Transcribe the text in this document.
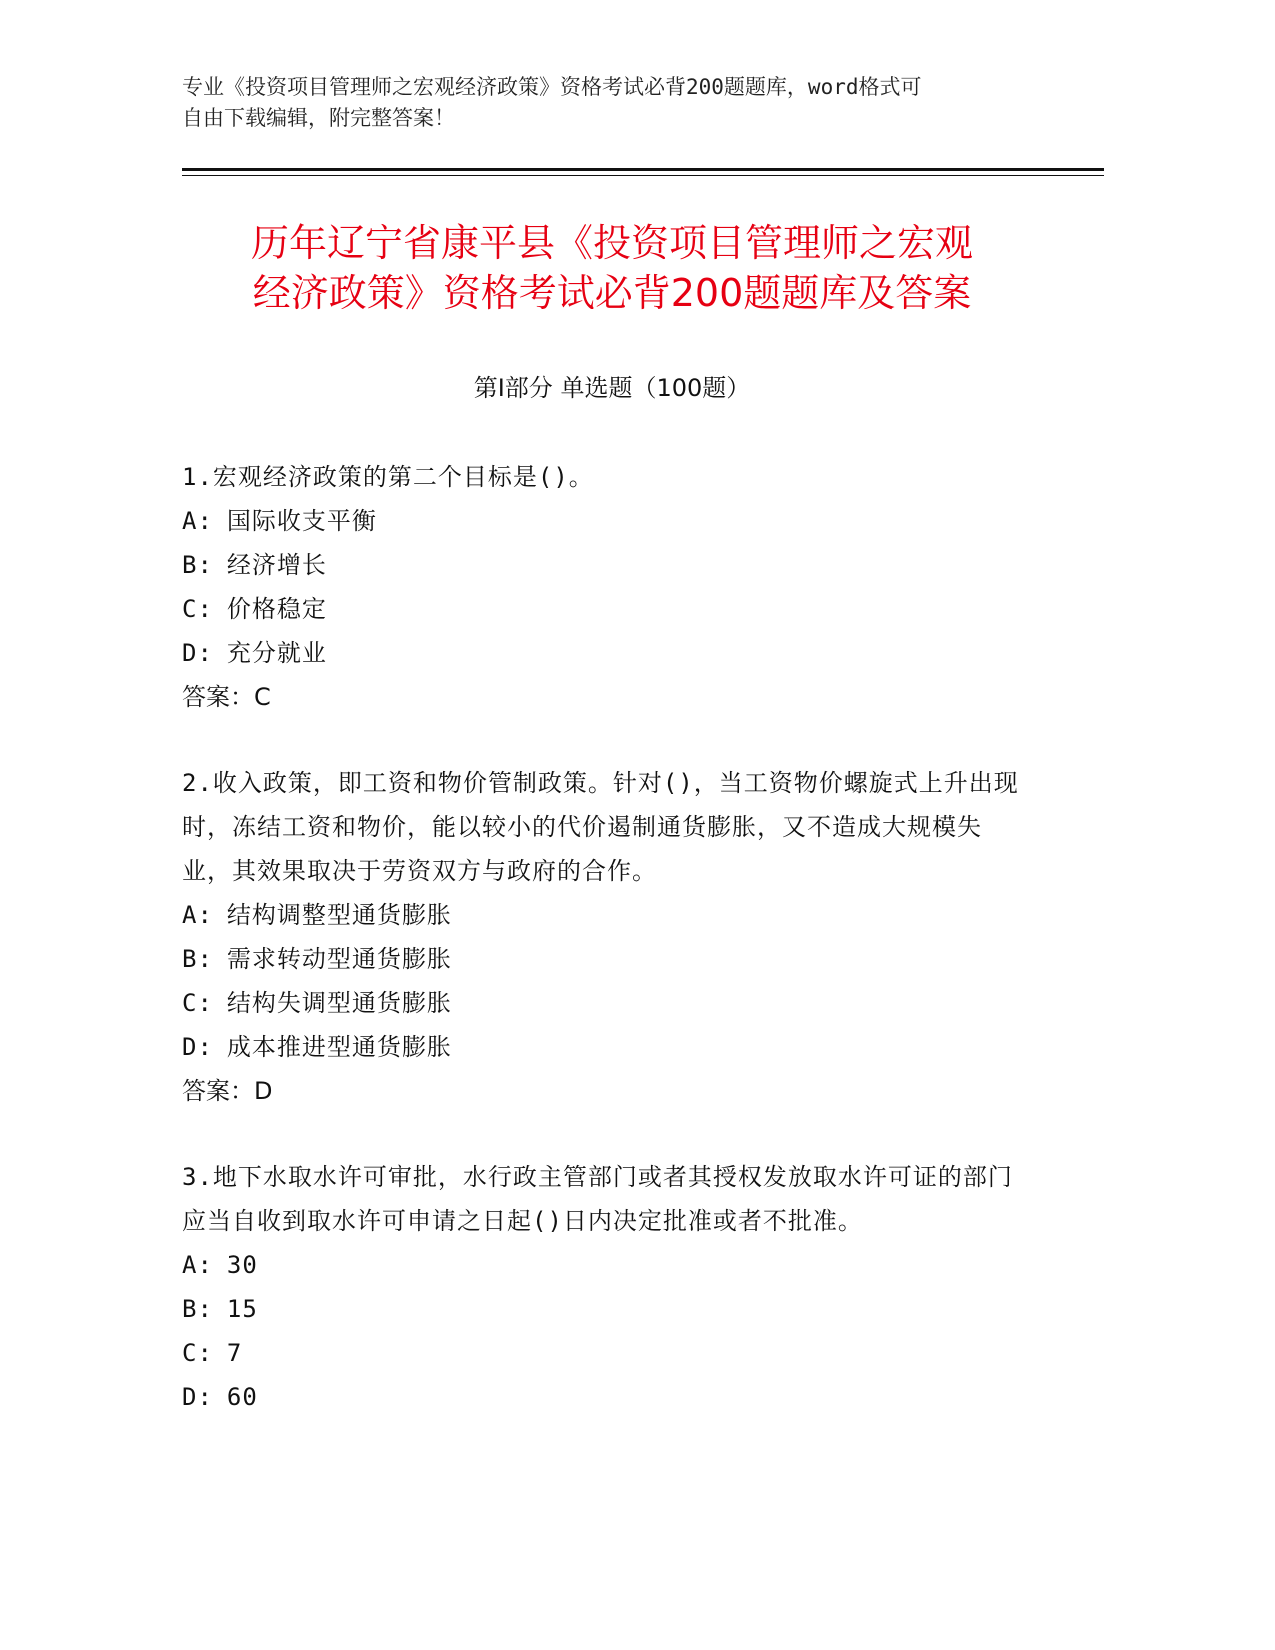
专业《投资项目管理师之宏观经济政策》资格考试必背200题题库，word格式可
自由下载编辑，附完整答案！
历年辽宁省康平县《投资项目管理师之宏观
经济政策》资格考试必背200题题库及答案
第Ⅰ部分 单选题（100题）
1.宏观经济政策的第二个目标是()。
A: 国际收支平衡
B: 经济增长
C: 价格稳定
D: 充分就业
答案：C
2.收入政策，即工资和物价管制政策。针对()，当工资物价螺旋式上升出现时，冻结工资和物价，能以较小的代价遏制通货膨胀，又不造成大规模失业，其效果取决于劳资双方与政府的合作。
A: 结构调整型通货膨胀
B: 需求转动型通货膨胀
C: 结构失调型通货膨胀
D: 成本推进型通货膨胀
答案：D
3.地下水取水许可审批，水行政主管部门或者其授权发放取水许可证的部门应当自收到取水许可申请之日起()日内决定批准或者不批准。
A: 30
B: 15
C: 7
D: 60
